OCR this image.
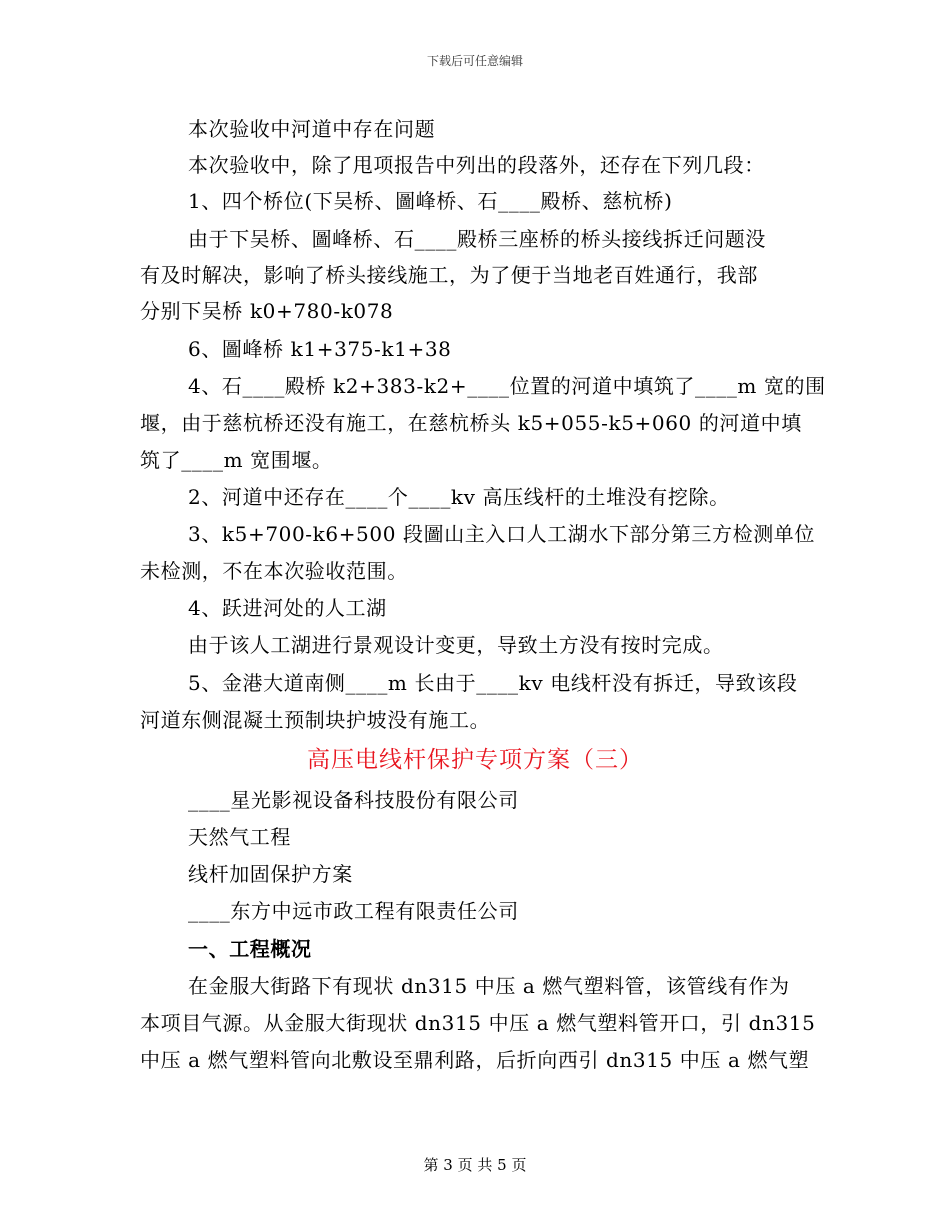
下载后可任意编辑
本次验收中河道中存在问题
本次验收中，除了甩项报告中列出的段落外，还存在下列几段：
1、四个桥位(下吴桥、圖峰桥、石____殿桥、慈杭桥)
由于下吴桥、圖峰桥、石____殿桥三座桥的桥头接线拆迁问题没
有及时解决，影响了桥头接线施工，为了便于当地老百姓通行，我部
分别下吴桥 k0+780-k078
6、圖峰桥 k1+375-k1+38
4、石____殿桥 k2+383-k2+____位置的河道中填筑了____m 宽的围
堰，由于慈杭桥还没有施工，在慈杭桥头 k5+055-k5+060 的河道中填
筑了____m 宽围堰。
2、河道中还存在____个____kv 高压线杆的土堆没有挖除。
3、k5+700-k6+500 段圖山主入口人工湖水下部分第三方检测单位
未检测，不在本次验收范围。
4、跃进河处的人工湖
由于该人工湖进行景观设计变更，导致土方没有按时完成。
5、金港大道南侧____m 长由于____kv 电线杆没有拆迁，导致该段
河道东侧混凝土预制块护坡没有施工。
高压电线杆保护专项方案（三）
____星光影视设备科技股份有限公司
天然气工程
线杆加固保护方案
____东方中远市政工程有限责任公司
一、工程概况
在金服大街路下有现状 dn315 中压 a 燃气塑料管，该管线有作为
本项目气源。从金服大街现状 dn315 中压 a 燃气塑料管开口，引 dn315
中压 a 燃气塑料管向北敷设至鼎利路，后折向西引 dn315 中压 a 燃气塑
第 3 页 共 5 页
